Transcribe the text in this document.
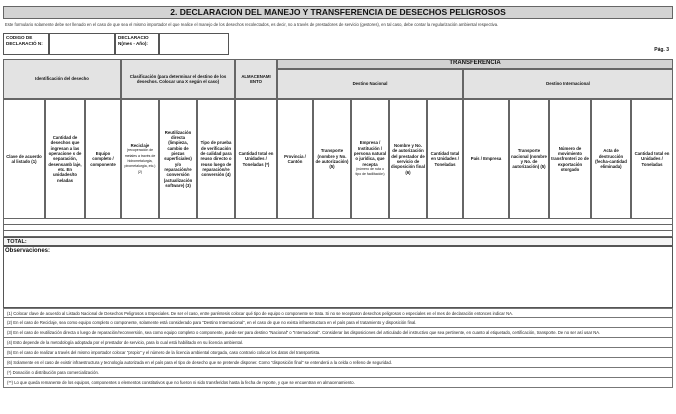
2. DECLARACION DEL MANEJO Y TRANSFERENCIA DE DESECHOS PELIGROSOS
Este formulario solamente debe ser llenado en el caso de que sea el mismo importador el que realice el manejo de los desechos recolectados, es decir, no a través de prestadores de servicio (gestores), en tal caso, debe contar la regularización ambiental respectiva.
CODIGO DE DECLARACIÓ N:
DECLARACIO N(mes - Año):
Pág. 3
Identificación del desecho
Clasificación (para determinar el destino de los desechos. Colocar una X según el caso)
ALMACENAMI ENTO
TRANSFERENCIA
Destino Nacional	Destino Internacional
Clave de acuerdo al listado (1)
Cantidad de desechos que ingresan a las operacione s de separación, desensamb laje, etc. En unidades/to neladas
Equipo completo / componente
Reciclaje
(recuperación de metales a través de hidrometalurgia, pirometalurgia, etc.) (2)
Reutilización directa (limpieza, cambio de piezas superficiales) y/o reparación/re conversión (actualización software) (3)
Tipo de prueba de verificación de calidad para reuso directo o reuso luego de reparación/re conversión (4)
Cantidad total en Unidades / Toneladas (*)
Provincia / Cantón
Transporte (nombre y No. de autorización) (5)
Empresa / Institución / persona natural o jurídica, que recepta
(número de ruta o tipo de facilitación)
Nombre y No. de autorización del prestador de servicio de disposición final (6)
Cantidad total en Unidades / Toneladas
País / Empresa
Transporte nacional (nombre y No. de autorización) (5)
Número de movimiento transfronteri zo de exportación otorgado
Acta de destrucción (fecha-cantidad eliminada)
Cantidad total en Unidades / Toneladas
TOTAL:
Observaciones:
(1) Colocar clave de acuerdo al Listado Nacional de Desechos Peligrosos o Especiales. De ser el caso, entre paréntesis colocar qué tipo de equipo o componente se trata. Si no se receptaron desechos peligrosos o especiales en el mes de declaración entonces indicar NA.
(2) En el caso de Reciclaje, sea como equipo completo o componente, solamente está considerado para "Destino Internacional", en el caso de que no exista infraestructura en el país para el tratamiento y disposición final.
(3) En el caso de reutilización directa o luego de reparación/reconversión, sea como equipo completo o componente, puede ser para destino "Nacional" o "Internacional". Considerar las disposiciones del articulado del instructivo que sea pertinente, en cuanto al etiquetado, certificación, transporte. De no ser así usar NA.
(4) Esto depende de la metodología adoptada por el prestador de servicio, para lo cual está habilitado en su licencia ambiental.
(5) En el caso de realizar a través del mismo importador colocar "propio" y el número de la licencia ambiental otorgada, caso contrario colocar los datos del transportista.
(6) Solamente en el caso de existir infraestructura y tecnología autorizada en el país para el tipo de desecho que se pretende disponer. Como "disposición final" se entenderá a la celda o relleno de seguridad.
(*) Donación o distribución para comercialización.
(**) Lo que queda remanente de los equipos, componentes o elementos constitutivos que no fueron ni sido transferidos hasta la fecha de reporte, y que se encuentran en almacenamiento.
